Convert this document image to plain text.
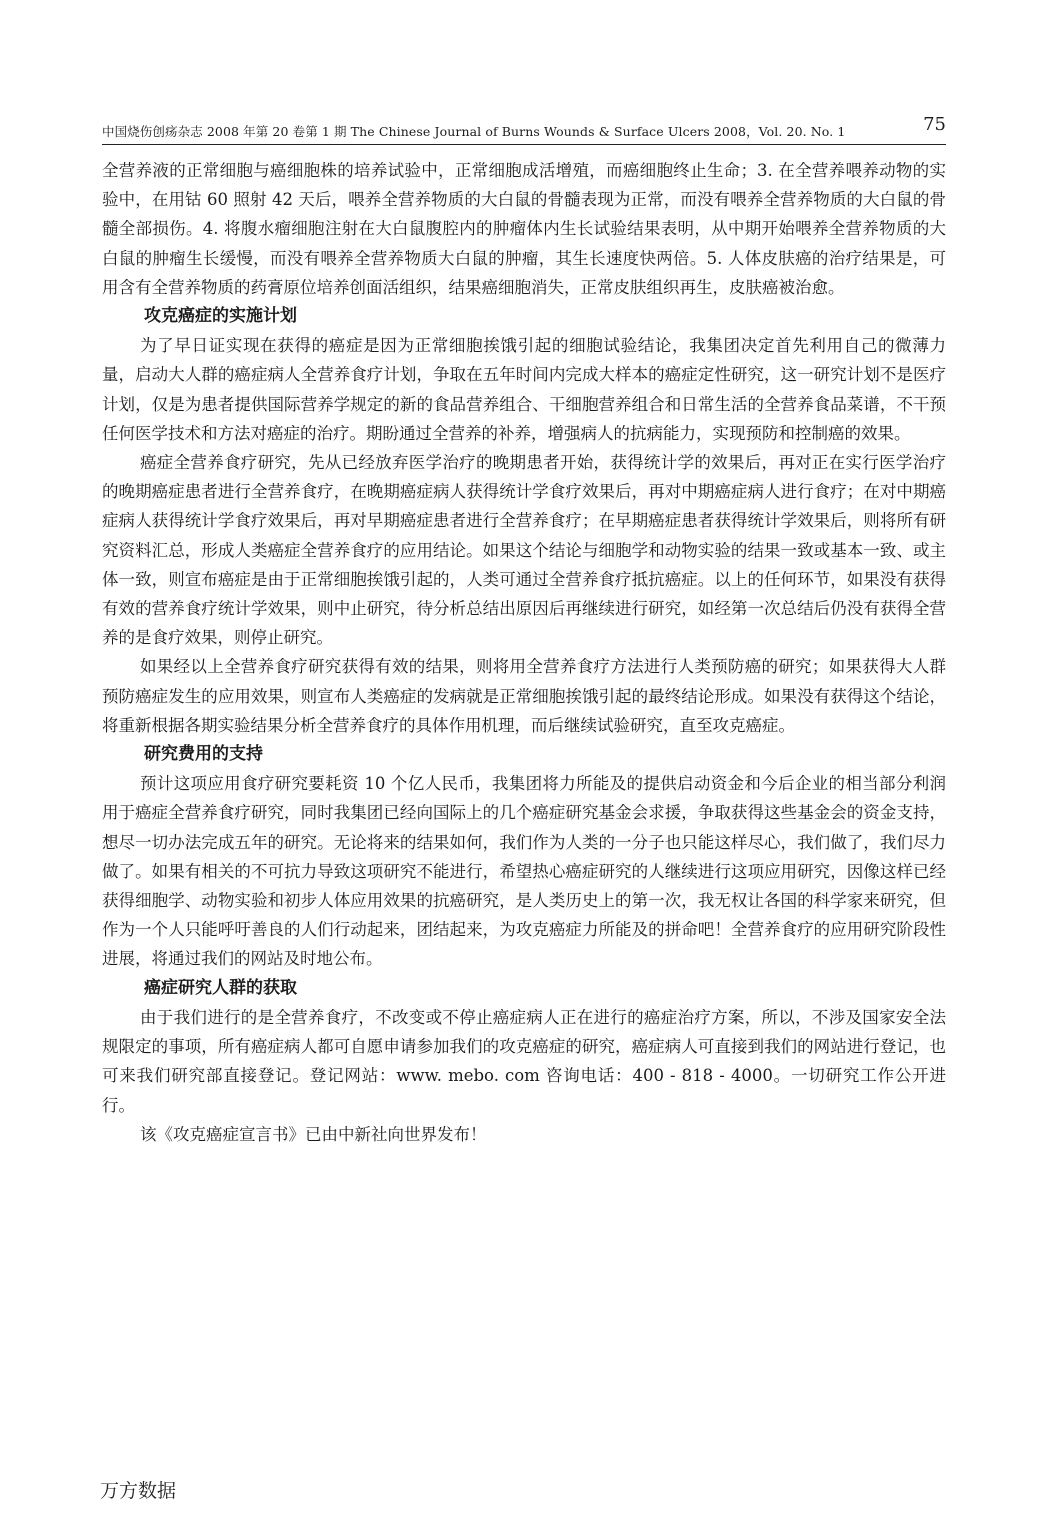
中国烧伤创疡杂志 2008 年第 20 卷第 1 期 The Chinese Journal of Burns Wounds & Surface Ulcers 2008，Vol. 20. No. 1	75

全营养液的正常细胞与癌细胞株的培养试验中，正常细胞成活增殖，而癌细胞终止生命；3. 在全营养喂养动物的实验中，在用钴 60 照射 42 天后，喂养全营养物质的大白鼠的骨髓表现为正常，而没有喂养全营养物质的大白鼠的骨髓全部损伤。4. 将腹水瘤细胞注射在大白鼠腹腔内的肿瘤体内生长试验结果表明，从中期开始喂养全营养物质的大白鼠的肿瘤生长缓慢，而没有喂养全营养物质大白鼠的肿瘤，其生长速度快两倍。5. 人体皮肤癌的治疗结果是，可用含有全营养物质的药膏原位培养创面活组织，结果癌细胞消失，正常皮肤组织再生，皮肤癌被治愈。

攻克癌症的实施计划

为了早日证实现在获得的癌症是因为正常细胞挨饿引起的细胞试验结论，我集团决定首先利用自己的微薄力量，启动大人群的癌症病人全营养食疗计划，争取在五年时间内完成大样本的癌症定性研究，这一研究计划不是医疗计划，仅是为患者提供国际营养学规定的新的食品营养组合、干细胞营养组合和日常生活的全营养食品菜谱，不干预任何医学技术和方法对癌症的治疗。期盼通过全营养的补养，增强病人的抗病能力，实现预防和控制癌的效果。

癌症全营养食疗研究，先从已经放弃医学治疗的晚期患者开始，获得统计学的效果后，再对正在实行医学治疗的晚期癌症患者进行全营养食疗，在晚期癌症病人获得统计学食疗效果后，再对中期癌症病人进行食疗；在对中期癌症病人获得统计学食疗效果后，再对早期癌症患者进行全营养食疗；在早期癌症患者获得统计学效果后，则将所有研究资料汇总，形成人类癌症全营养食疗的应用结论。如果这个结论与细胞学和动物实验的结果一致或基本一致、或主体一致，则宣布癌症是由于正常细胞挨饿引起的，人类可通过全营养食疗抵抗癌症。以上的任何环节，如果没有获得有效的营养食疗统计学效果，则中止研究，待分析总结出原因后再继续进行研究，如经第一次总结后仍没有获得全营养的是食疗效果，则停止研究。

如果经以上全营养食疗研究获得有效的结果，则将用全营养食疗方法进行人类预防癌的研究；如果获得大人群预防癌症发生的应用效果，则宣布人类癌症的发病就是正常细胞挨饿引起的最终结论形成。如果没有获得这个结论，将重新根据各期实验结果分析全营养食疗的具体作用机理，而后继续试验研究，直至攻克癌症。

研究费用的支持

预计这项应用食疗研究要耗资 10 个亿人民币，我集团将力所能及的提供启动资金和今后企业的相当部分利润用于癌症全营养食疗研究，同时我集团已经向国际上的几个癌症研究基金会求援，争取获得这些基金会的资金支持，想尽一切办法完成五年的研究。无论将来的结果如何，我们作为人类的一分子也只能这样尽心，我们做了，我们尽力做了。如果有相关的不可抗力导致这项研究不能进行，希望热心癌症研究的人继续进行这项应用研究，因像这样已经获得细胞学、动物实验和初步人体应用效果的抗癌研究，是人类历史上的第一次，我无权让各国的科学家来研究，但作为一个人只能呼吁善良的人们行动起来，团结起来，为攻克癌症力所能及的拼命吧！全营养食疗的应用研究阶段性进展，将通过我们的网站及时地公布。

癌症研究人群的获取

由于我们进行的是全营养食疗，不改变或不停止癌症病人正在进行的癌症治疗方案，所以，不涉及国家安全法规限定的事项，所有癌症病人都可自愿申请参加我们的攻克癌症的研究，癌症病人可直接到我们的网站进行登记，也可来我们研究部直接登记。登记网站：www. mebo. com 咨询电话：400 - 818 - 4000。一切研究工作公开进行。

该《攻克癌症宣言书》已由中新社向世界发布！

万方数据
